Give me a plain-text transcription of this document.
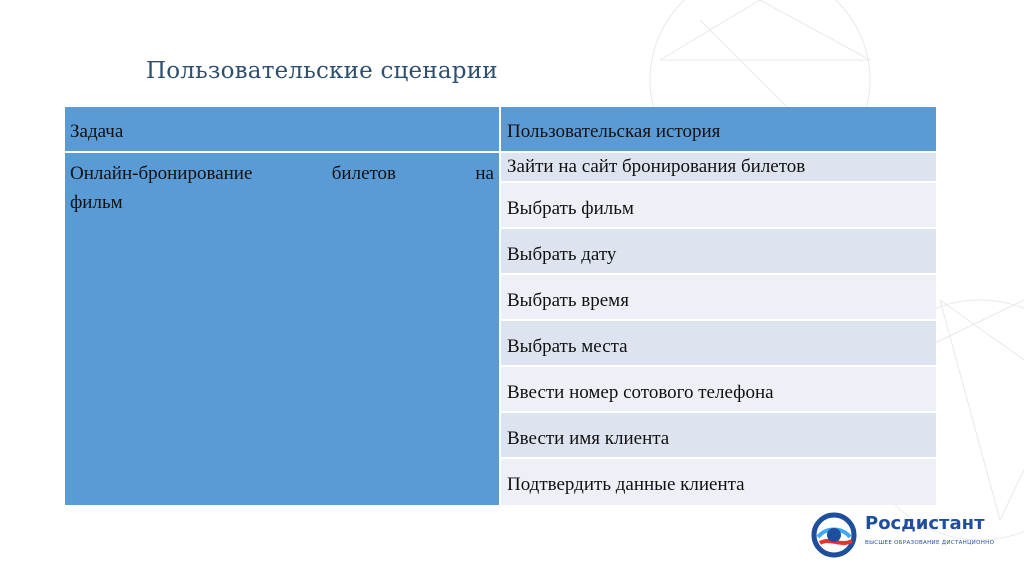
Пользовательские сценарии
Задача	Пользовательская история
Онлайн-бронирование билетов на
фильм
Зайти на сайт бронирования билетов
Выбрать фильм
Выбрать дату
Выбрать время
Выбрать места
Ввести номер сотового телефона
Ввести имя клиента
Подтвердить данные клиента
Росдистант
ВЫСШЕЕ ОБРАЗОВАНИЕ ДИСТАНЦИОННО
